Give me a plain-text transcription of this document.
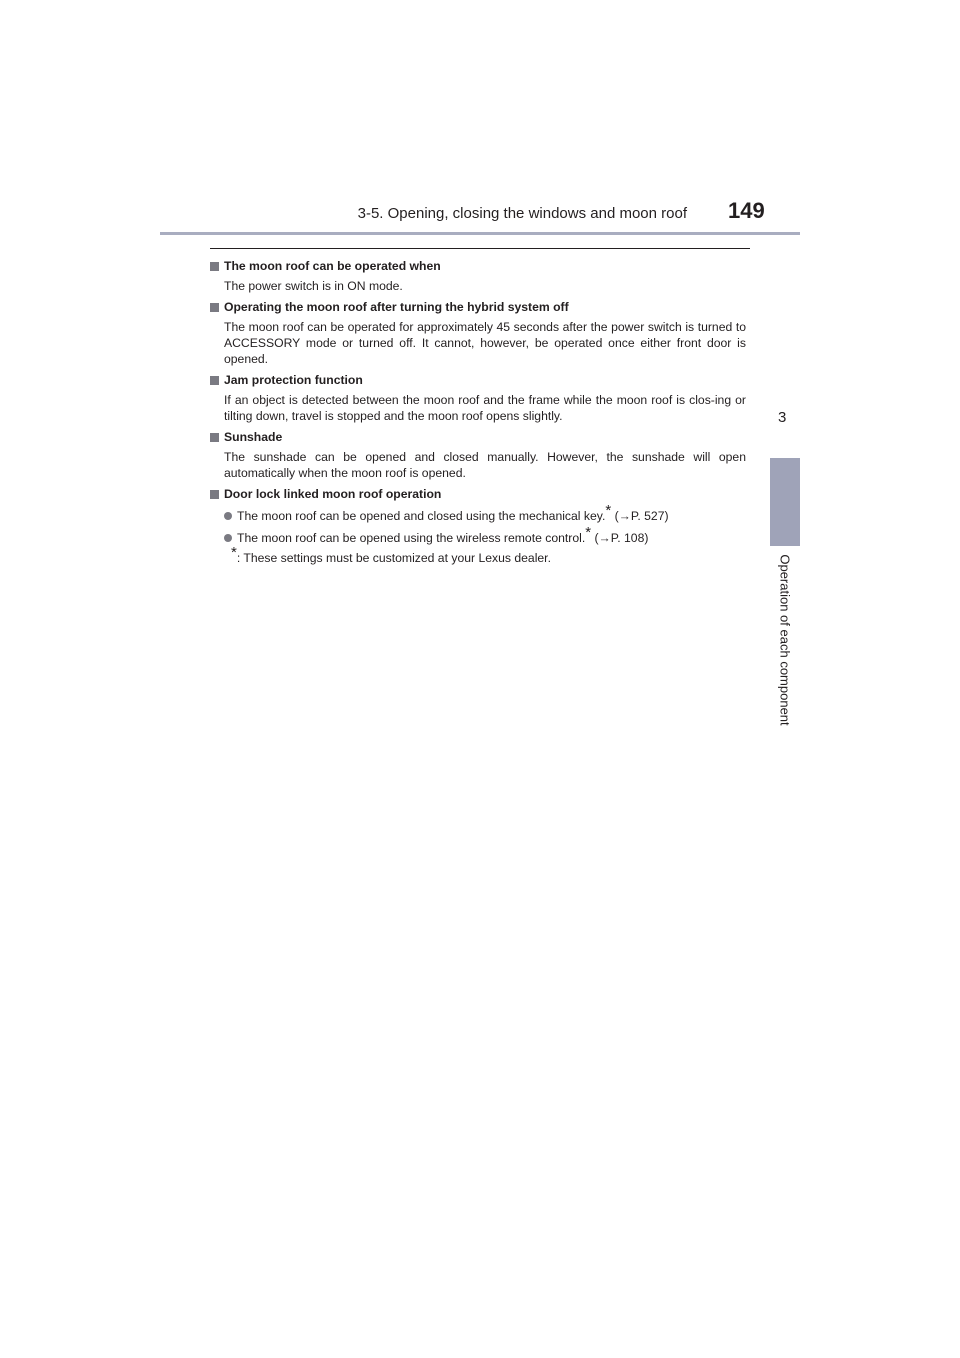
3-5. Opening, closing the windows and moon roof 149
3
Operation of each component
The moon roof can be operated when
The power switch is in ON mode.
Operating the moon roof after turning the hybrid system off
The moon roof can be operated for approximately 45 seconds after the power switch is turned to ACCESSORY mode or turned off. It cannot, however, be operated once either front door is opened.
Jam protection function
If an object is detected between the moon roof and the frame while the moon roof is clos-ing or tilting down, travel is stopped and the moon roof opens slightly.
Sunshade
The sunshade can be opened and closed manually. However, the sunshade will open automatically when the moon roof is opened.
Door lock linked moon roof operation
The moon roof can be opened and closed using the mechanical key.* (→P. 527)
The moon roof can be opened using the wireless remote control.* (→P. 108)
*: These settings must be customized at your Lexus dealer.
